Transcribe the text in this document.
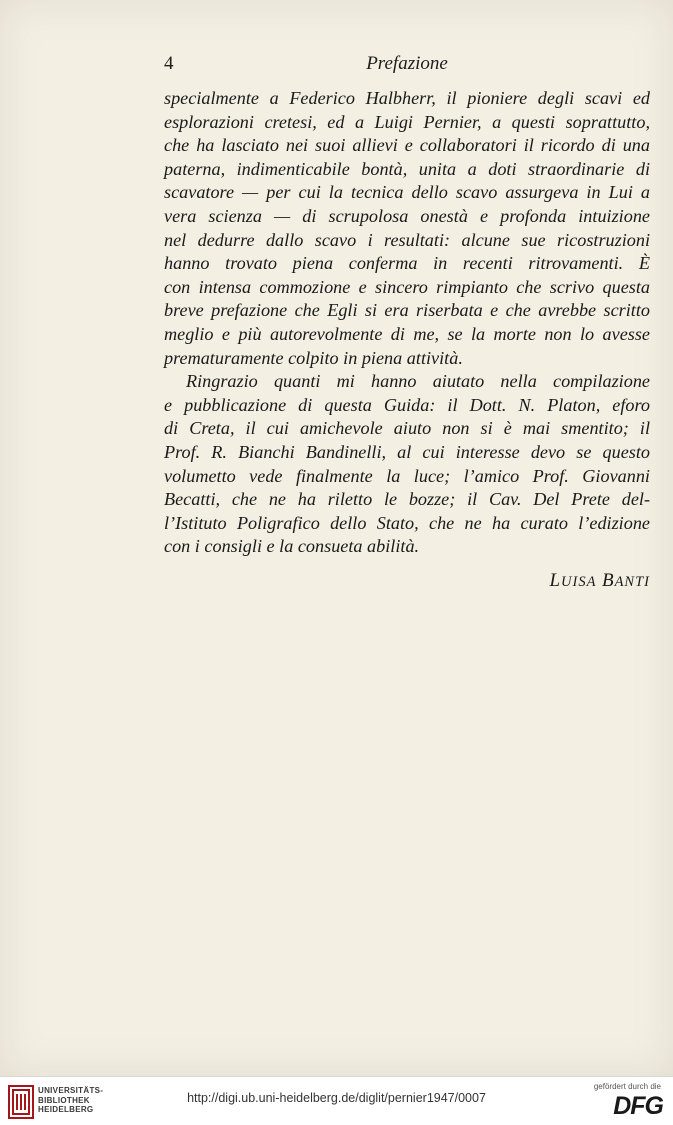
4	Prefazione
specialmente a Federico Halbherr, il pioniere degli scavi ed
esplorazioni cretesi, ed a Luigi Pernier, a questi soprattutto,
che ha lasciato nei suoi allievi e collaboratori il ricordo di una
paterna, indimenticabile bontà, unita a doti straordinarie di
scavatore — per cui la tecnica dello scavo assurgeva in Lui a
vera scienza — di scrupolosa onestà e profonda intuizione
nel dedurre dallo scavo i resultati: alcune sue ricostruzioni
hanno trovato piena conferma in recenti ritrovamenti. È
con intensa commozione e sincero rimpianto che scrivo questa
breve prefazione che Egli si era riserbata e che avrebbe scritto
meglio e più autorevolmente di me, se la morte non lo avesse
prematuramente colpito in piena attività.
Ringrazio quanti mi hanno aiutato nella compilazione
e pubblicazione di questa Guida: il Dott. N. Platon, eforo
di Creta, il cui amichevole aiuto non si è mai smentito; il
Prof. R. Bianchi Bandinelli, al cui interesse devo se questo
volumetto vede finalmente la luce; l’amico Prof. Giovanni
Becatti, che ne ha riletto le bozze; il Cav. Del Prete del-
l’Istituto Poligrafico dello Stato, che ne ha curato l’edizione
con i consigli e la consueta abilità.
LUISA BANTI
UNIVERSITÄTS-
BIBLIOTHEK
HEIDELBERG
http://digi.ub.uni-heidelberg.de/diglit/pernier1947/0007
gefördert durch die
DFG
